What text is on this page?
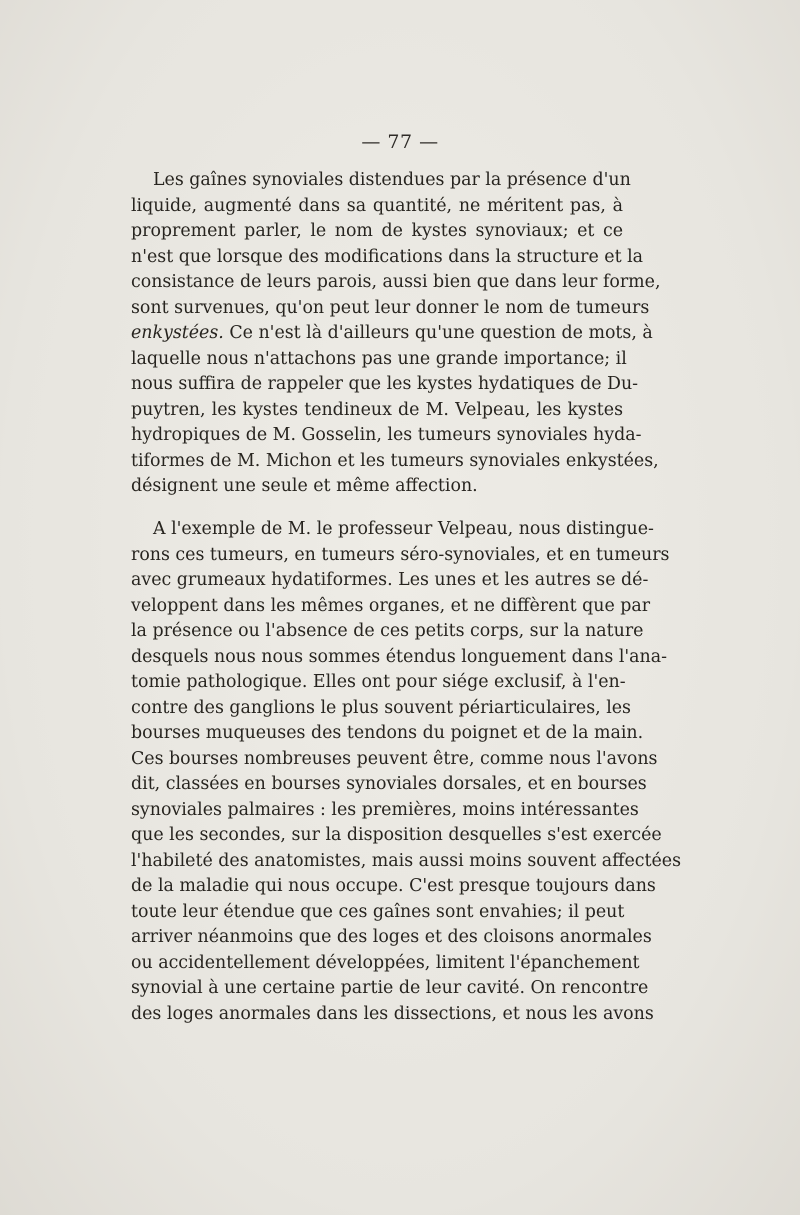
— 77 —
Les gaînes synoviales distendues par la présence d'un
liquide, augmenté dans sa quantité, ne méritent pas, à
proprement parler, le nom de kystes synoviaux; et ce
n'est que lorsque des modifications dans la structure et la
consistance de leurs parois, aussi bien que dans leur forme,
sont survenues, qu'on peut leur donner le nom de tumeurs
enkystées. Ce n'est là d'ailleurs qu'une question de mots, à
laquelle nous n'attachons pas une grande importance; il
nous suffira de rappeler que les kystes hydatiques de Du-
puytren, les kystes tendineux de M. Velpeau, les kystes
hydropiques de M. Gosselin, les tumeurs synoviales hyda-
tiformes de M. Michon et les tumeurs synoviales enkystées,
désignent une seule et même affection.
A l'exemple de M. le professeur Velpeau, nous distingue-
rons ces tumeurs, en tumeurs séro-synoviales, et en tumeurs
avec grumeaux hydatiformes. Les unes et les autres se dé-
veloppent dans les mêmes organes, et ne diffèrent que par
la présence ou l'absence de ces petits corps, sur la nature
desquels nous nous sommes étendus longuement dans l'ana-
tomie pathologique. Elles ont pour siége exclusif, à l'en-
contre des ganglions le plus souvent périarticulaires, les
bourses muqueuses des tendons du poignet et de la main.
Ces bourses nombreuses peuvent être, comme nous l'avons
dit, classées en bourses synoviales dorsales, et en bourses
synoviales palmaires : les premières, moins intéressantes
que les secondes, sur la disposition desquelles s'est exercée
l'habileté des anatomistes, mais aussi moins souvent affectées
de la maladie qui nous occupe. C'est presque toujours dans
toute leur étendue que ces gaînes sont envahies; il peut
arriver néanmoins que des loges et des cloisons anormales
ou accidentellement développées, limitent l'épanchement
synovial à une certaine partie de leur cavité. On rencontre
des loges anormales dans les dissections, et nous les avons
